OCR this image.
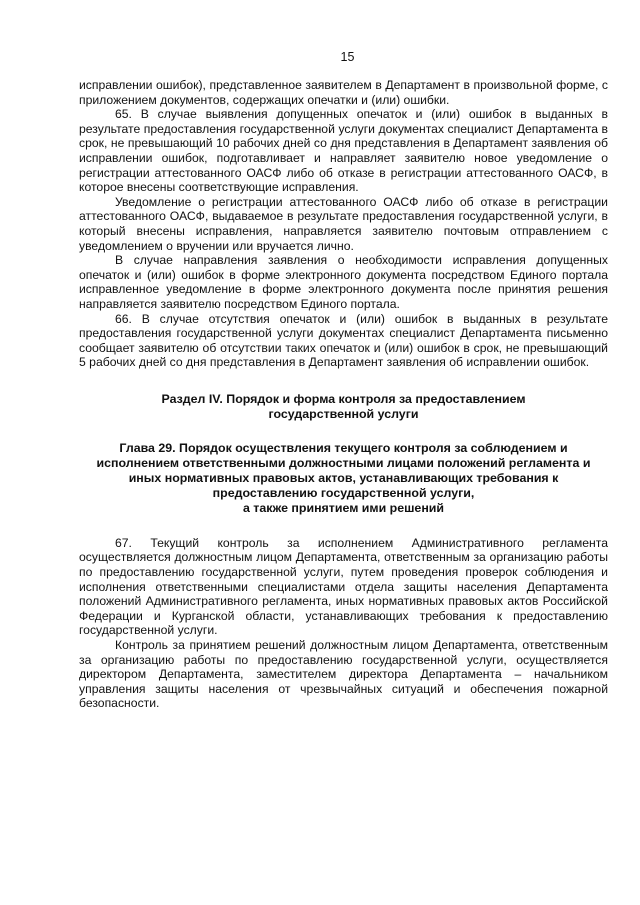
15

исправлении ошибок), представленное заявителем в Департамент в произвольной форме, с приложением документов, содержащих опечатки и (или) ошибки.

65. В случае выявления допущенных опечаток и (или) ошибок в выданных в результате предоставления государственной услуги документах специалист Департамента в срок, не превышающий 10 рабочих дней со дня представления в Департамент заявления об исправлении ошибок, подготавливает и направляет заявителю новое уведомление о регистрации аттестованного ОАСФ либо об отказе в регистрации аттестованного ОАСФ, в которое внесены соответствующие исправления.

Уведомление о регистрации аттестованного ОАСФ либо об отказе в регистрации аттестованного ОАСФ, выдаваемое в результате предоставления государственной услуги, в который внесены исправления, направляется заявителю почтовым отправлением с уведомлением о вручении или вручается лично.

В случае направления заявления о необходимости исправления допущенных опечаток и (или) ошибок в форме электронного документа посредством Единого портала исправленное уведомление в форме электронного документа после принятия решения направляется заявителю посредством Единого портала.

66. В случае отсутствия опечаток и (или) ошибок в выданных в результате предоставления государственной услуги документах специалист Департамента письменно сообщает заявителю об отсутствии таких опечаток и (или) ошибок в срок, не превышающий 5 рабочих дней со дня представления в Департамент заявления об исправлении ошибок.

Раздел IV. Порядок и форма контроля за предоставлением
государственной услуги
Глава 29. Порядок осуществления текущего контроля за соблюдением и
исполнением ответственными должностными лицами положений регламента и
иных нормативных правовых актов, устанавливающих требования к
предоставлению государственной услуги,
а также принятием ими решений

67. Текущий контроль за исполнением Административного регламента осуществляется должностным лицом Департамента, ответственным за организацию работы по предоставлению государственной услуги, путем проведения проверок соблюдения и исполнения ответственными специалистами отдела защиты населения Департамента положений Административного регламента, иных нормативных правовых актов Российской Федерации и Курганской области, устанавливающих требования к предоставлению государственной услуги.

Контроль за принятием решений должностным лицом Департамента, ответственным за организацию работы по предоставлению государственной услуги, осуществляется директором Департамента, заместителем директора Департамента – начальником управления защиты населения от чрезвычайных ситуаций и обеспечения пожарной безопасности.
